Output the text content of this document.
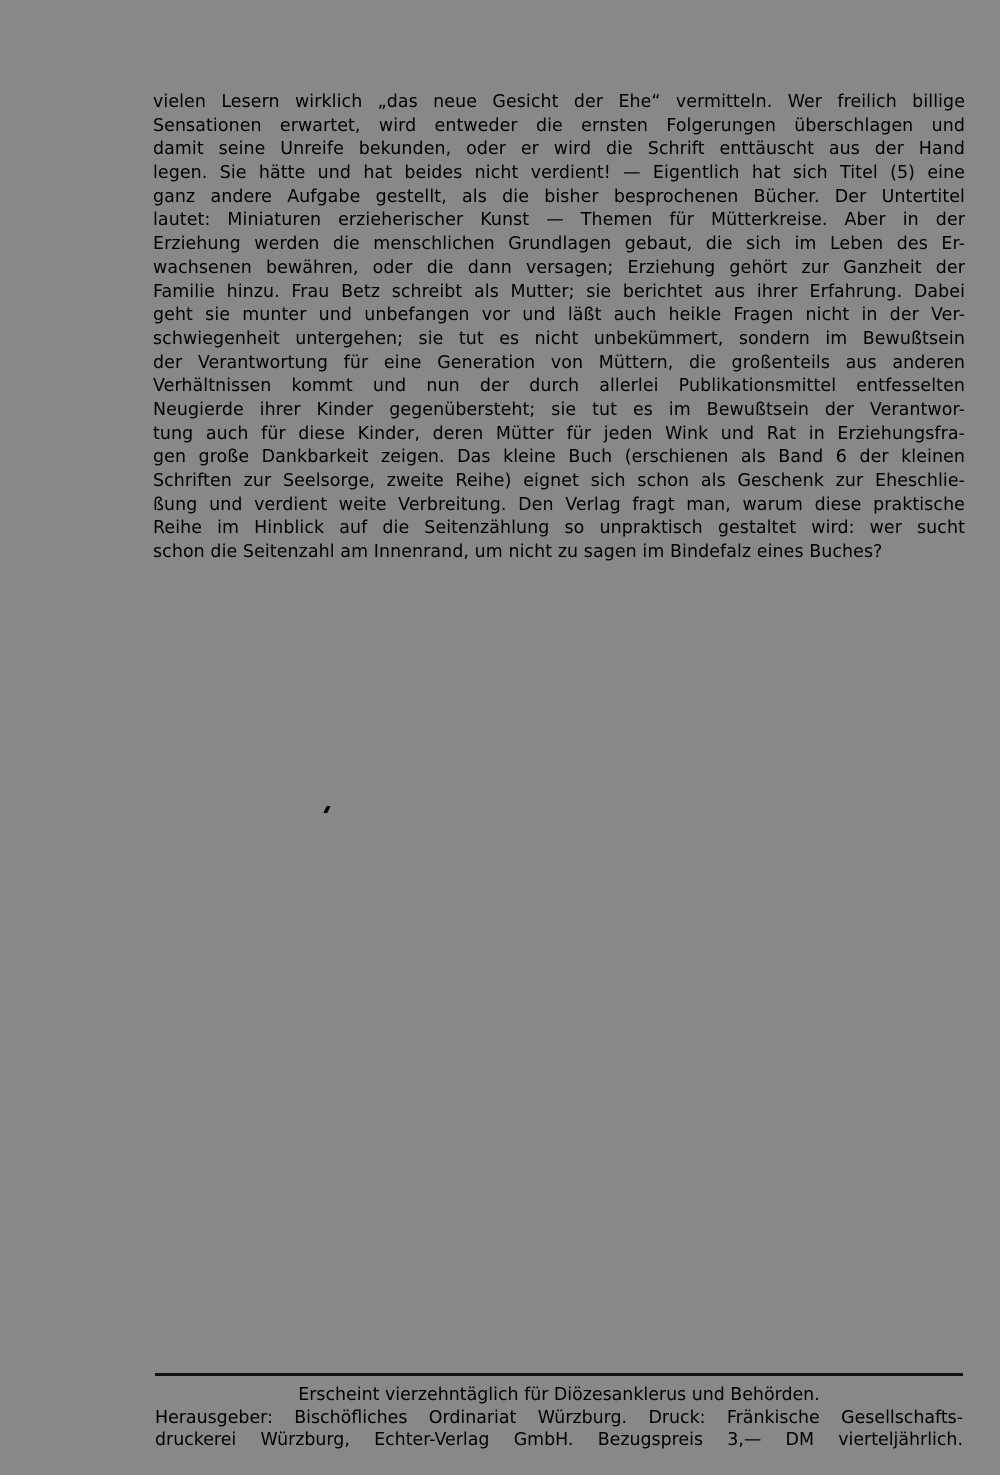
vielen Lesern wirklich „das neue Gesicht der Ehe“ vermitteln. Wer freilich billige
Sensationen erwartet, wird entweder die ernsten Folgerungen überschlagen und
damit seine Unreife bekunden, oder er wird die Schrift enttäuscht aus der Hand
legen. Sie hätte und hat beides nicht verdient! — Eigentlich hat sich Titel (5) eine
ganz andere Aufgabe gestellt, als die bisher besprochenen Bücher. Der Untertitel
lautet: Miniaturen erzieherischer Kunst — Themen für Mütterkreise. Aber in der
Erziehung werden die menschlichen Grundlagen gebaut, die sich im Leben des Er-
wachsenen bewähren, oder die dann versagen; Erziehung gehört zur Ganzheit der
Familie hinzu. Frau Betz schreibt als Mutter; sie berichtet aus ihrer Erfahrung. Dabei
geht sie munter und unbefangen vor und läßt auch heikle Fragen nicht in der Ver-
schwiegenheit untergehen; sie tut es nicht unbekümmert, sondern im Bewußtsein
der Verantwortung für eine Generation von Müttern, die großenteils aus anderen
Verhältnissen kommt und nun der durch allerlei Publikationsmittel entfesselten
Neugierde ihrer Kinder gegenübersteht; sie tut es im Bewußtsein der Verantwor-
tung auch für diese Kinder, deren Mütter für jeden Wink und Rat in Erziehungsfra-
gen große Dankbarkeit zeigen. Das kleine Buch (erschienen als Band 6 der kleinen
Schriften zur Seelsorge, zweite Reihe) eignet sich schon als Geschenk zur Eheschlie-
ßung und verdient weite Verbreitung. Den Verlag fragt man, warum diese praktische
Reihe im Hinblick auf die Seitenzählung so unpraktisch gestaltet wird: wer sucht
schon die Seitenzahl am Innenrand, um nicht zu sagen im Bindefalz eines Buches?
Erscheint vierzehntäglich für Diözesanklerus und Behörden.
Herausgeber: Bischöfliches Ordinariat Würzburg. Druck: Fränkische Gesellschafts-
druckerei Würzburg, Echter-Verlag GmbH. Bezugspreis 3,— DM vierteljährlich.
